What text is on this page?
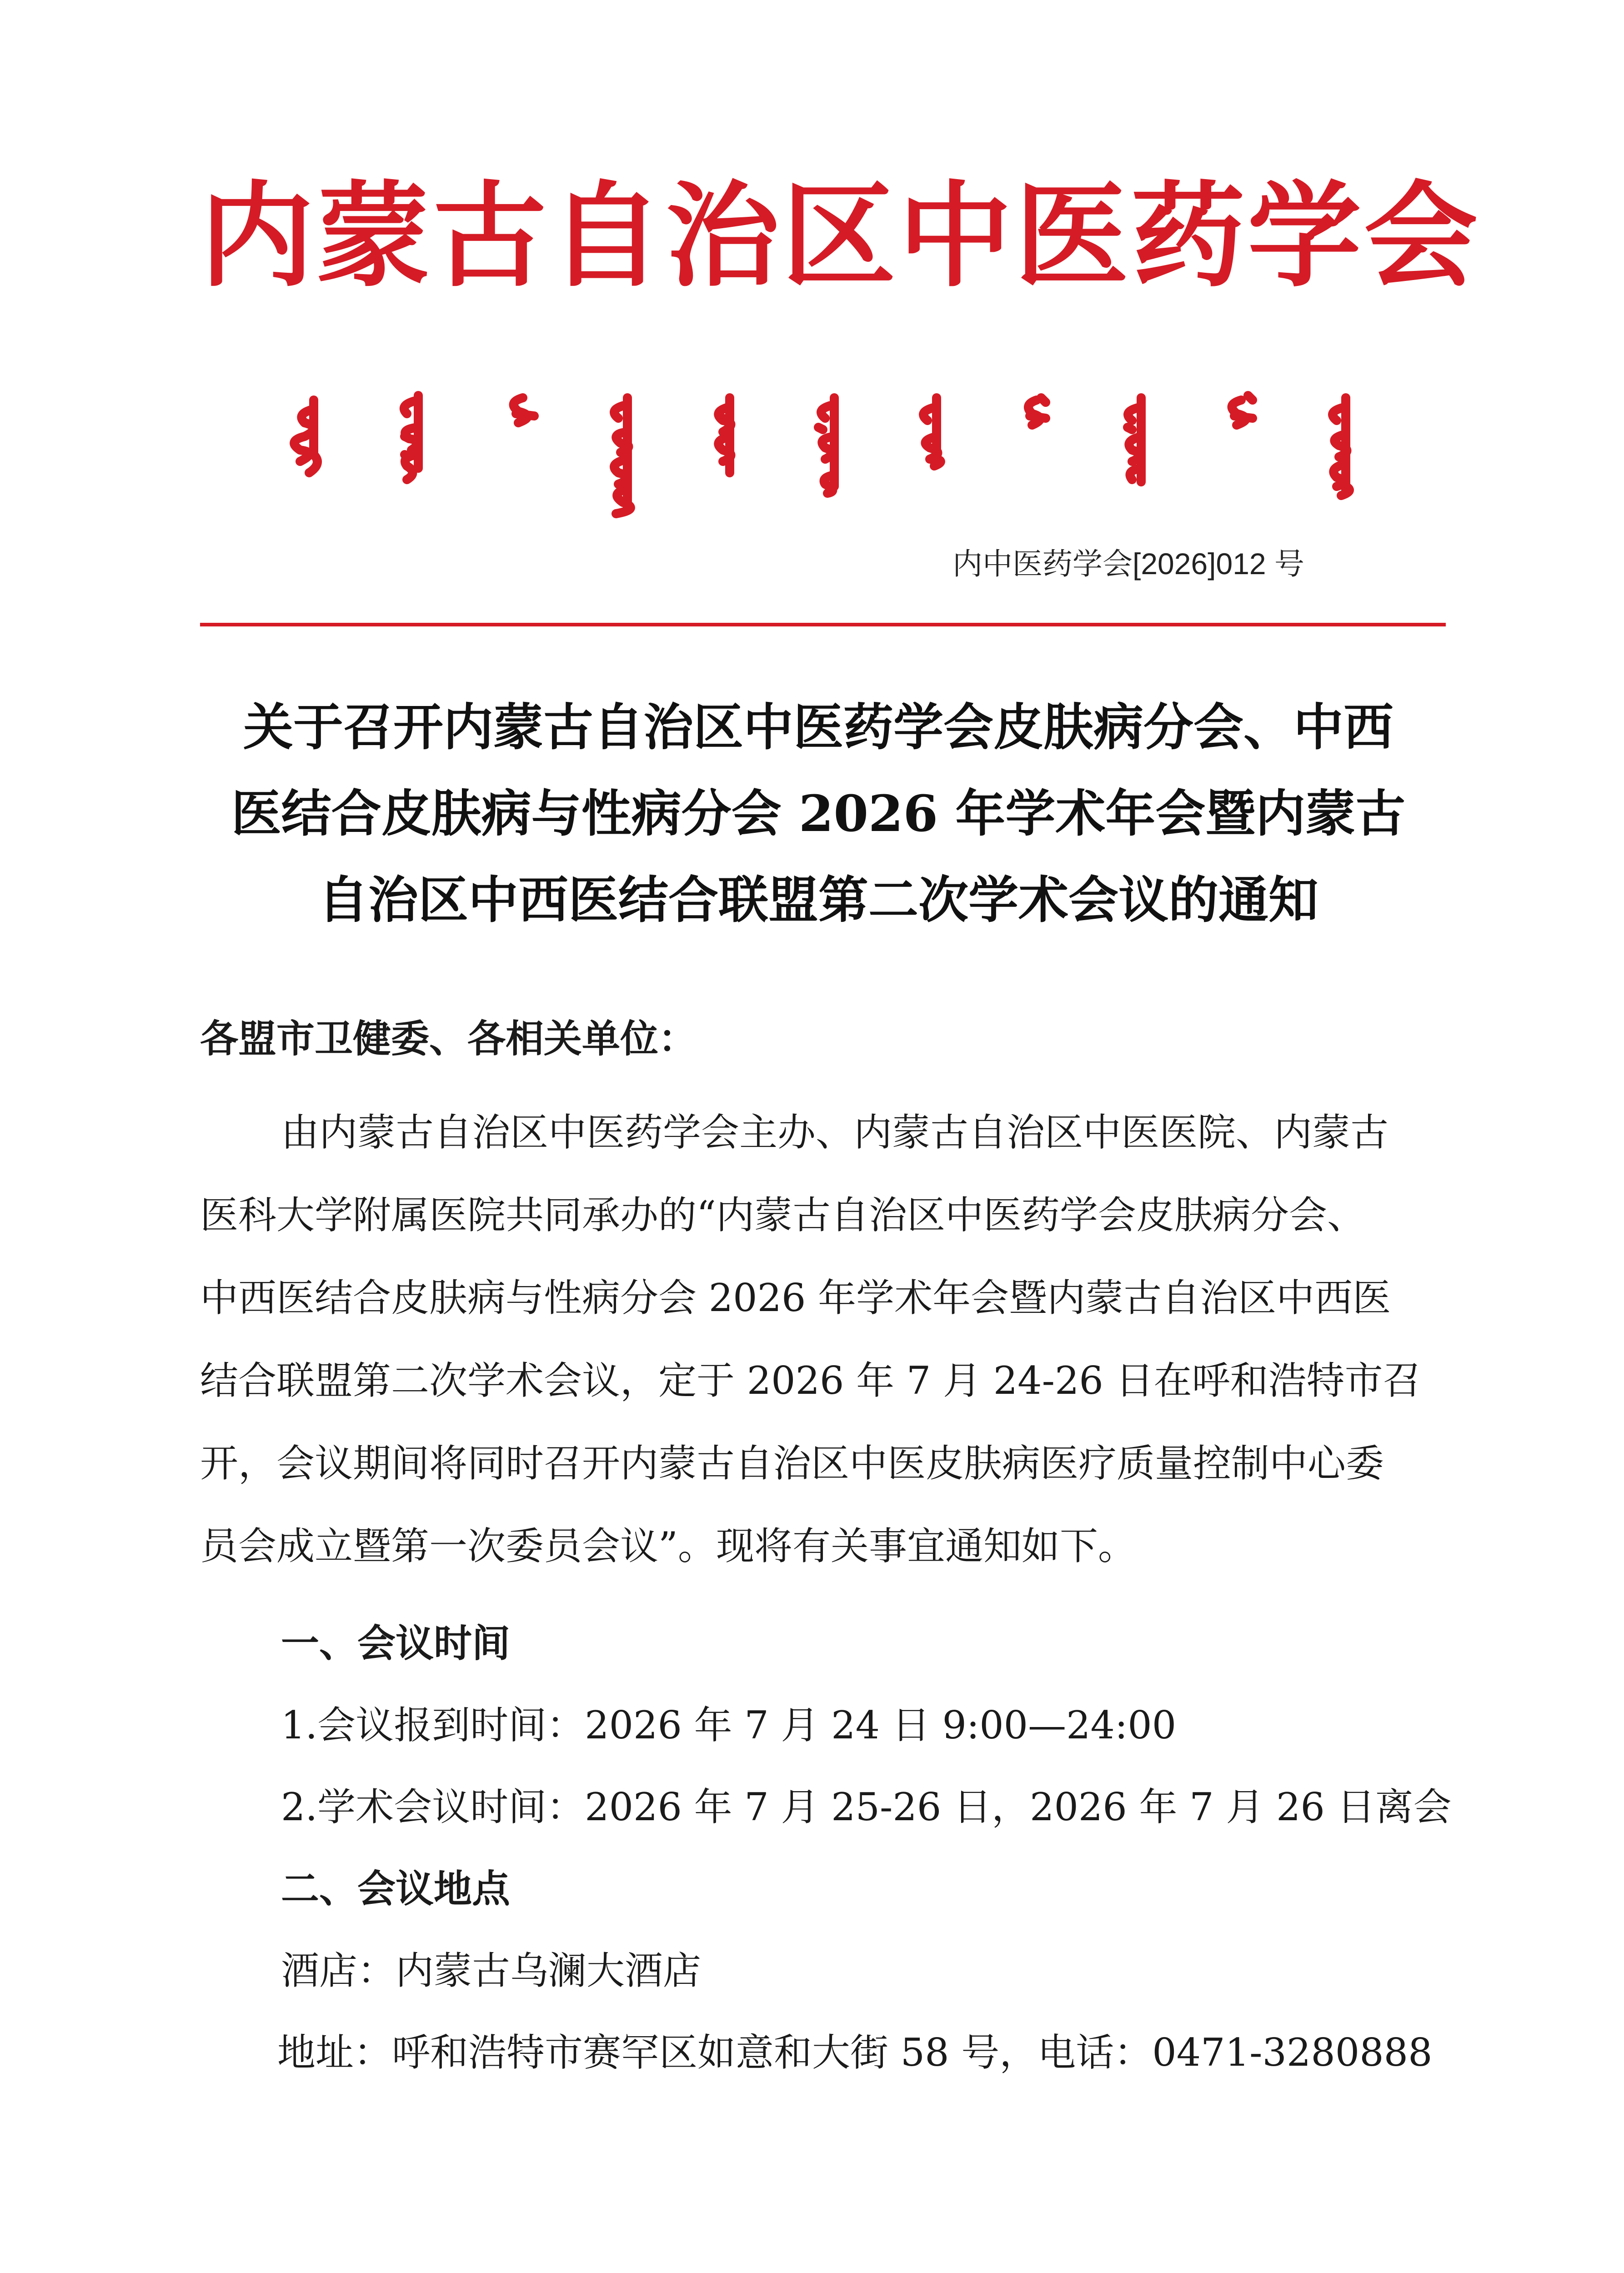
内蒙古自治区中医药学会
内中医药学会[2026]012 号
关于召开内蒙古自治区中医药学会皮肤病分会、中西
医结合皮肤病与性病分会 2026 年学术年会暨内蒙古
自治区中西医结合联盟第二次学术会议的通知
各盟市卫健委、各相关单位：
由内蒙古自治区中医药学会主办、内蒙古自治区中医医院、内蒙古
医科大学附属医院共同承办的“内蒙古自治区中医药学会皮肤病分会、
中西医结合皮肤病与性病分会 2026 年学术年会暨内蒙古自治区中西医
结合联盟第二次学术会议，定于 2026 年 7 月 24-26 日在呼和浩特市召
开，会议期间将同时召开内蒙古自治区中医皮肤病医疗质量控制中心委
员会成立暨第一次委员会议”。现将有关事宜通知如下。
一、会议时间
1.会议报到时间：2026 年 7 月 24 日 9:00—24:00
2.学术会议时间：2026 年 7 月 25-26 日，2026 年 7 月 26 日离会
二、会议地点
酒店：内蒙古乌澜大酒店
地址：呼和浩特市赛罕区如意和大街 58 号，电话：0471-3280888
